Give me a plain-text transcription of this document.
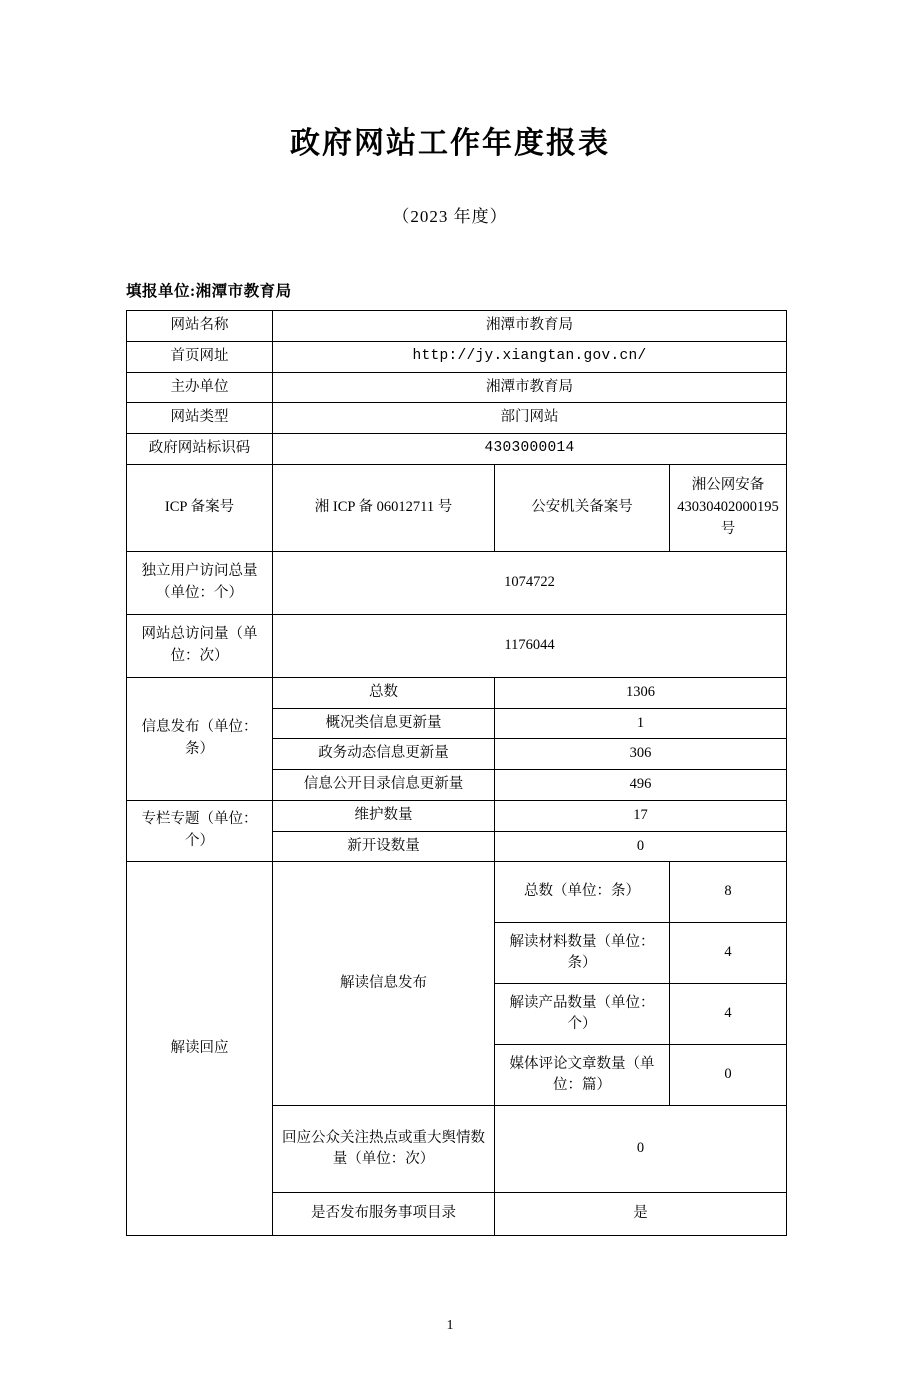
政府网站工作年度报表
（2023 年度）
填报单位:湘潭市教育局
网站名称	湘潭市教育局		
首页网址	http://jy.xiangtan.gov.cn/		
主办单位	湘潭市教育局		
网站类型	部门网站		
政府网站标识码	4303000014		
ICP 备案号	湘 ICP 备 06012711 号	公安机关备案号	湘公网安备 43030402000195 号
独立用户访问总量（单位：个）	1074722		
网站总访问量（单位：次）	1176044		
信息发布（单位：条）	总数	1306	
	概况类信息更新量	1	
	政务动态信息更新量	306	
	信息公开目录信息更新量	496	
专栏专题（单位：个）	维护数量	17	
	新开设数量	0	
解读回应	解读信息发布	总数（单位：条）	8
		解读材料数量（单位：条）	4
		解读产品数量（单位：个）	4
		媒体评论文章数量（单位：篇）	0
	回应公众关注热点或重大舆情数量（单位：次）	0	
	是否发布服务事项目录	是	
1
